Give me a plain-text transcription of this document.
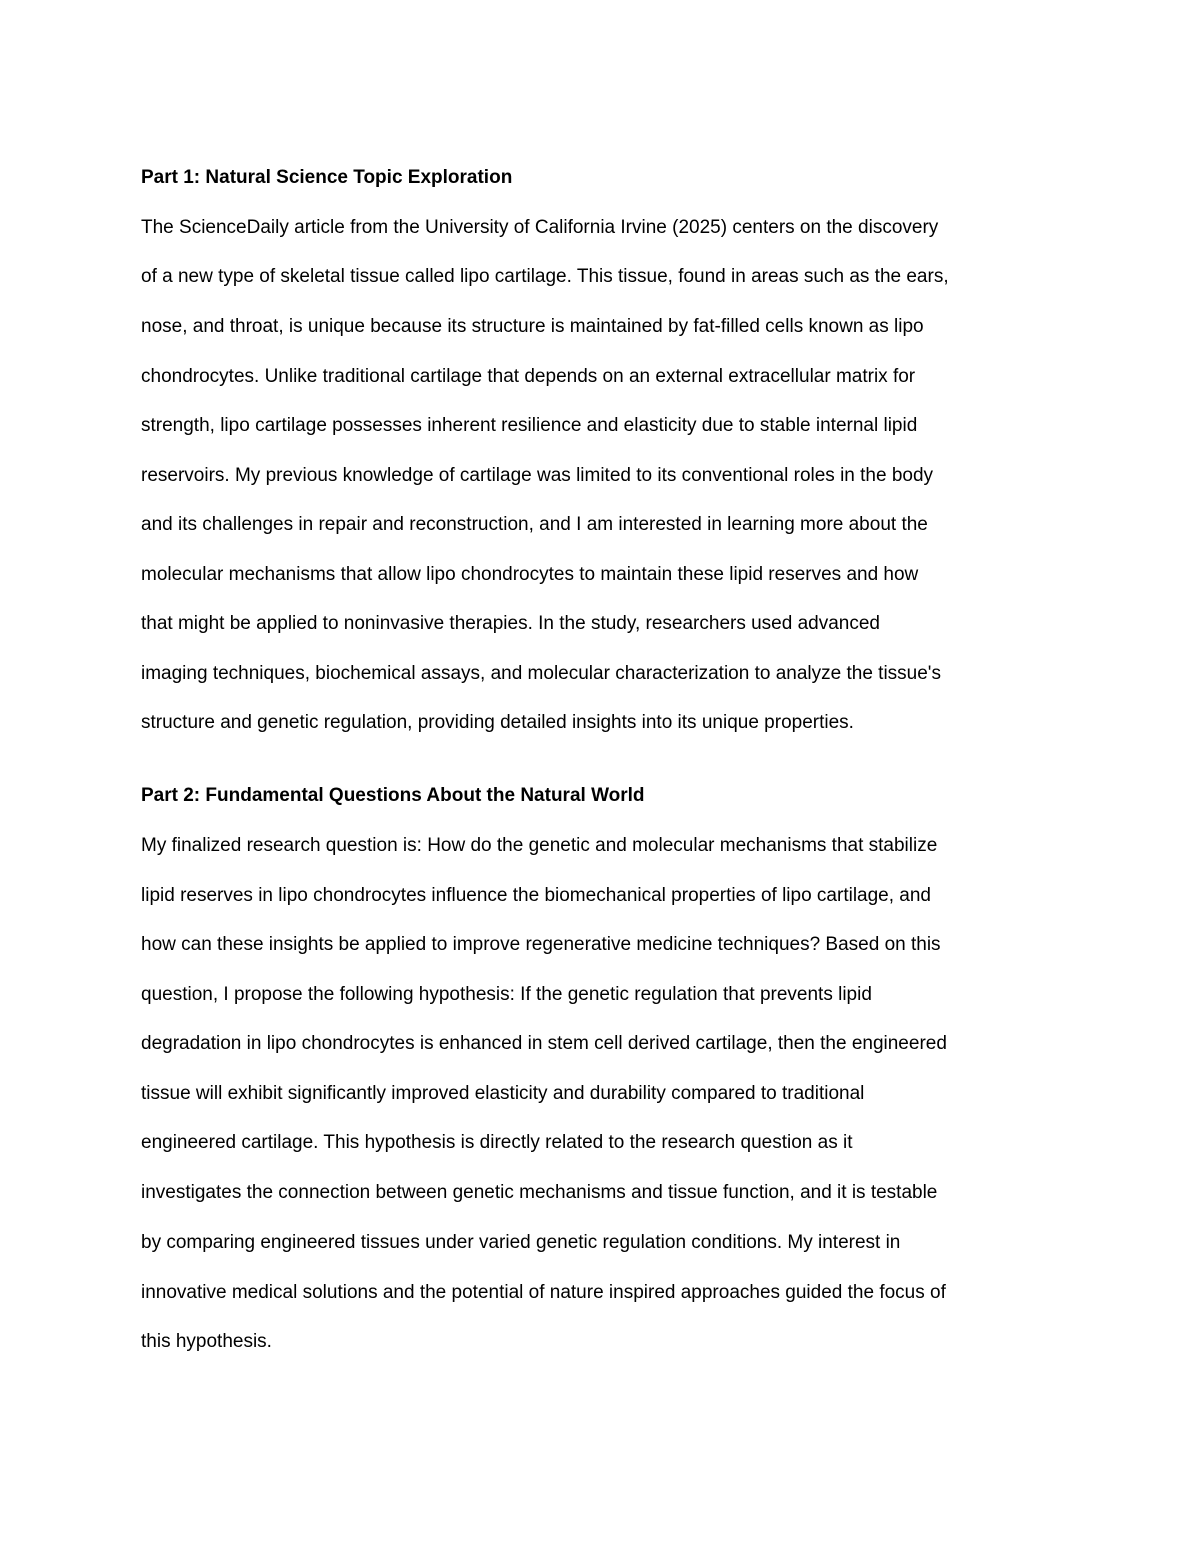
Part 1: Natural Science Topic Exploration

The ScienceDaily article from the University of California Irvine (2025) centers on the discovery

of a new type of skeletal tissue called lipo cartilage. This tissue, found in areas such as the ears,

nose, and throat, is unique because its structure is maintained by fat-filled cells known as lipo

chondrocytes. Unlike traditional cartilage that depends on an external extracellular matrix for

strength, lipo cartilage possesses inherent resilience and elasticity due to stable internal lipid

reservoirs. My previous knowledge of cartilage was limited to its conventional roles in the body

and its challenges in repair and reconstruction, and I am interested in learning more about the

molecular mechanisms that allow lipo chondrocytes to maintain these lipid reserves and how

that might be applied to noninvasive therapies. In the study, researchers used advanced

imaging techniques, biochemical assays, and molecular characterization to analyze the tissue's

structure and genetic regulation, providing detailed insights into its unique properties.

Part 2: Fundamental Questions About the Natural World

My finalized research question is: How do the genetic and molecular mechanisms that stabilize

lipid reserves in lipo chondrocytes influence the biomechanical properties of lipo cartilage, and

how can these insights be applied to improve regenerative medicine techniques? Based on this

question, I propose the following hypothesis: If the genetic regulation that prevents lipid

degradation in lipo chondrocytes is enhanced in stem cell derived cartilage, then the engineered

tissue will exhibit significantly improved elasticity and durability compared to traditional

engineered cartilage. This hypothesis is directly related to the research question as it

investigates the connection between genetic mechanisms and tissue function, and it is testable

by comparing engineered tissues under varied genetic regulation conditions. My interest in

innovative medical solutions and the potential of nature inspired approaches guided the focus of

this hypothesis.
